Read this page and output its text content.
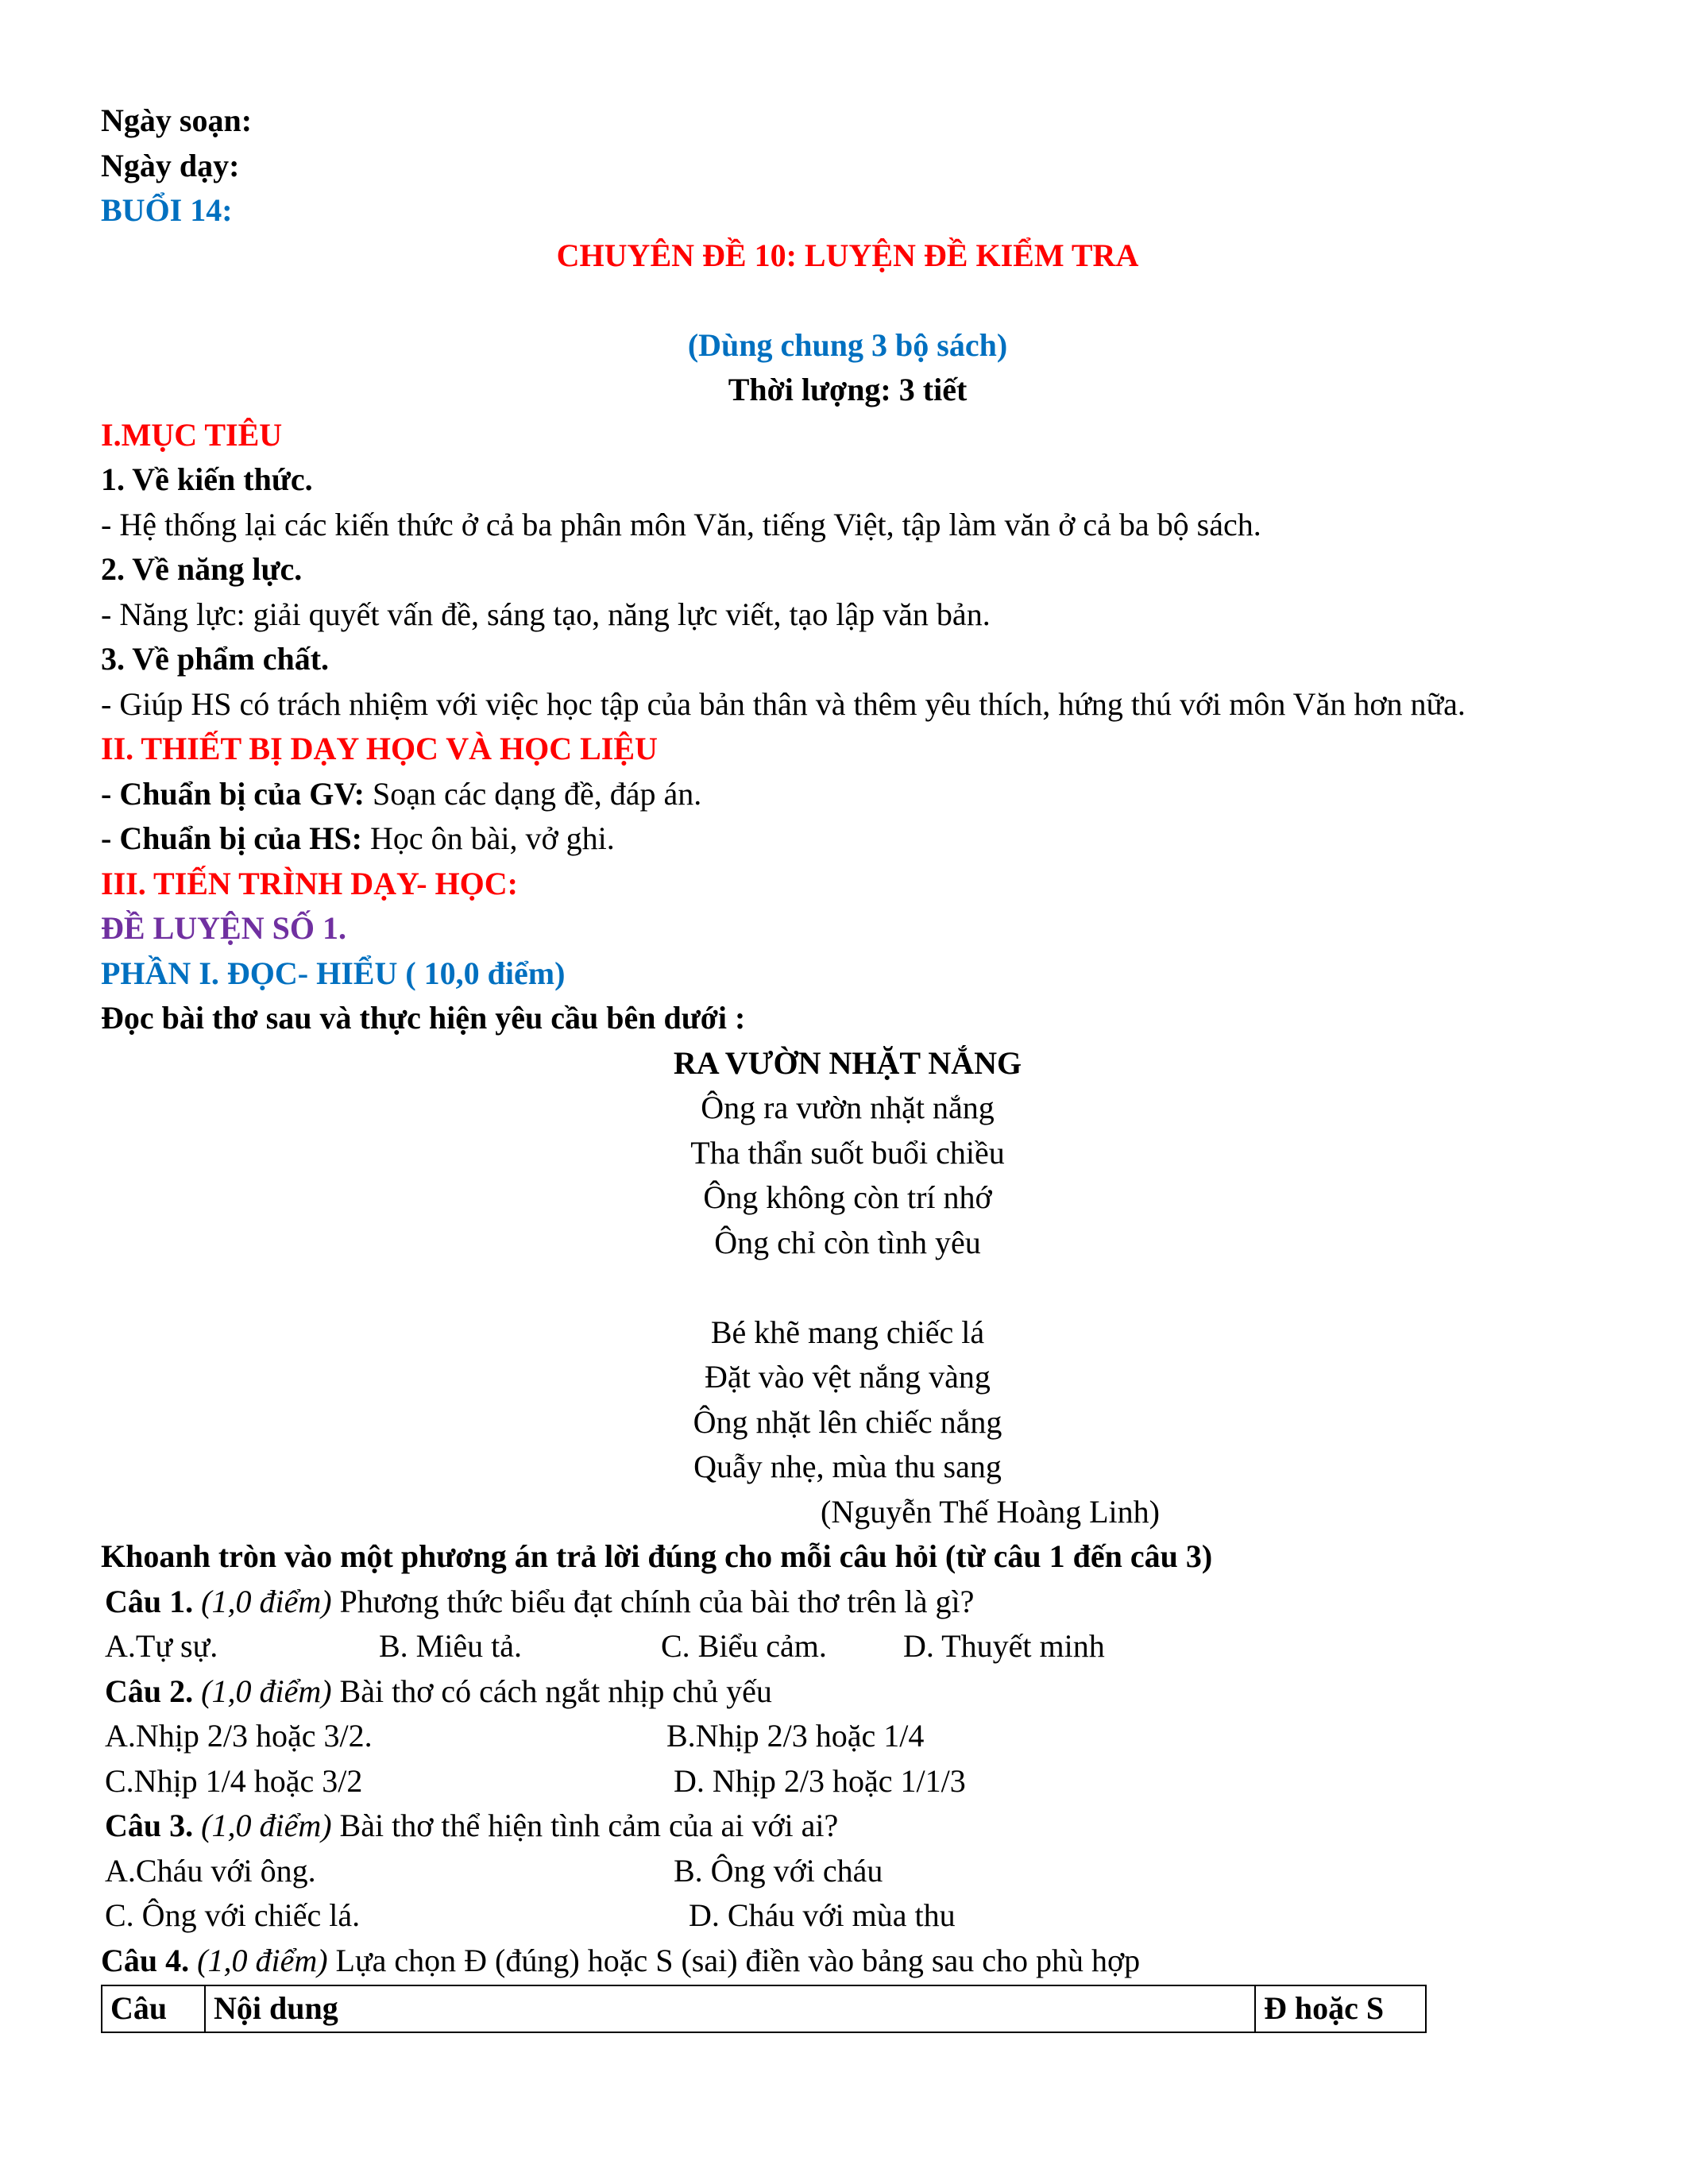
Ngày soạn:
Ngày dạy:
BUỔI 14:
CHUYÊN ĐỀ 10: LUYỆN ĐỀ KIỂM TRA
(Dùng chung 3 bộ sách)
Thời lượng: 3 tiết
I.MỤC TIÊU
1. Về kiến thức.
- Hệ thống lại các kiến thức ở cả ba phân môn Văn, tiếng Việt, tập làm văn ở cả ba bộ sách.
2. Về năng lực.
- Năng lực: giải quyết vấn đề, sáng tạo, năng lực viết, tạo lập văn bản.
3. Về phẩm chất.
- Giúp HS có trách nhiệm với việc học tập của bản thân và thêm yêu thích, hứng thú với môn Văn hơn nữa.
II. THIẾT BỊ DẠY HỌC VÀ HỌC LIỆU
- Chuẩn bị của GV: Soạn các dạng đề, đáp án.
- Chuẩn bị của HS: Học ôn bài, vở ghi.
III. TIẾN TRÌNH DẠY- HỌC:
ĐỀ LUYỆN SỐ 1.
PHẦN I. ĐỌC- HIỂU ( 10,0 điểm)
Đọc bài thơ sau và thực hiện yêu cầu bên dưới :
RA VƯỜN NHẶT NẮNG
Ông ra vườn nhặt nắng
Tha thẩn suốt buổi chiều
Ông không còn trí nhớ
Ông chỉ còn tình yêu
Bé khẽ mang chiếc lá
Đặt vào vệt nắng vàng
Ông nhặt lên chiếc nắng
Quẫy nhẹ, mùa thu sang
(Nguyễn Thế Hoàng Linh)
Khoanh tròn vào một phương án trả lời đúng cho mỗi câu hỏi (từ câu 1 đến câu 3)
Câu 1. (1,0 điểm) Phương thức biểu đạt chính của bài thơ trên là gì?
A.Tự sự.	B. Miêu tả.	C. Biểu cảm. D. Thuyết minh
Câu 2. (1,0 điểm) Bài thơ có cách ngắt nhịp chủ yếu
A.Nhịp 2/3 hoặc 3/2.	B.Nhịp 2/3 hoặc 1/4
C.Nhịp 1/4 hoặc 3/2	D. Nhịp 2/3 hoặc 1/1/3
Câu 3. (1,0 điểm) Bài thơ thể hiện tình cảm của ai với ai?
A.Cháu với ông.	B. Ông với cháu
C. Ông với chiếc lá.	D. Cháu với mùa thu
Câu 4. (1,0 điểm) Lựa chọn Đ (đúng) hoặc S (sai) điền vào bảng sau cho phù hợp
Câu	Nội dung	Đ hoặc S
